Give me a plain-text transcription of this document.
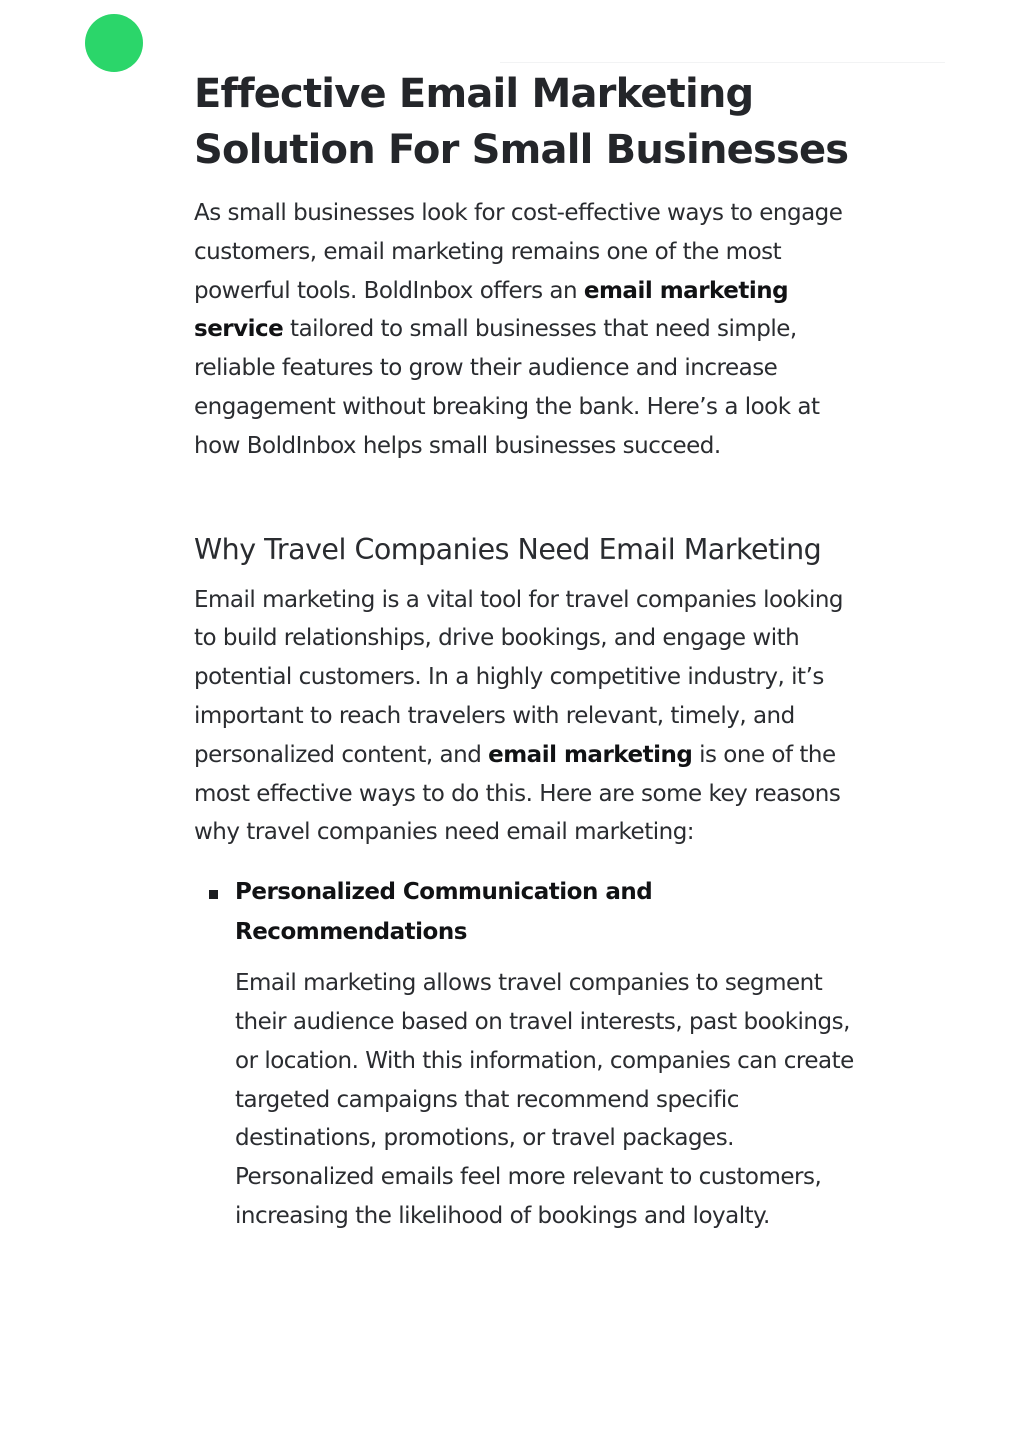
Effective Email Marketing Solution For Small Businesses

As small businesses look for cost-effective ways to engage customers, email marketing remains one of the most powerful tools. BoldInbox offers an email marketing service tailored to small businesses that need simple, reliable features to grow their audience and increase engagement without breaking the bank. Here’s a look at how BoldInbox helps small businesses succeed.

Why Travel Companies Need Email Marketing

Email marketing is a vital tool for travel companies looking to build relationships, drive bookings, and engage with potential customers. In a highly competitive industry, it’s important to reach travelers with relevant, timely, and personalized content, and email marketing is one of the most effective ways to do this. Here are some key reasons why travel companies need email marketing:

Personalized Communication and Recommendations

Email marketing allows travel companies to segment their audience based on travel interests, past bookings, or location. With this information, companies can create targeted campaigns that recommend specific destinations, promotions, or travel packages. Personalized emails feel more relevant to customers, increasing the likelihood of bookings and loyalty.
